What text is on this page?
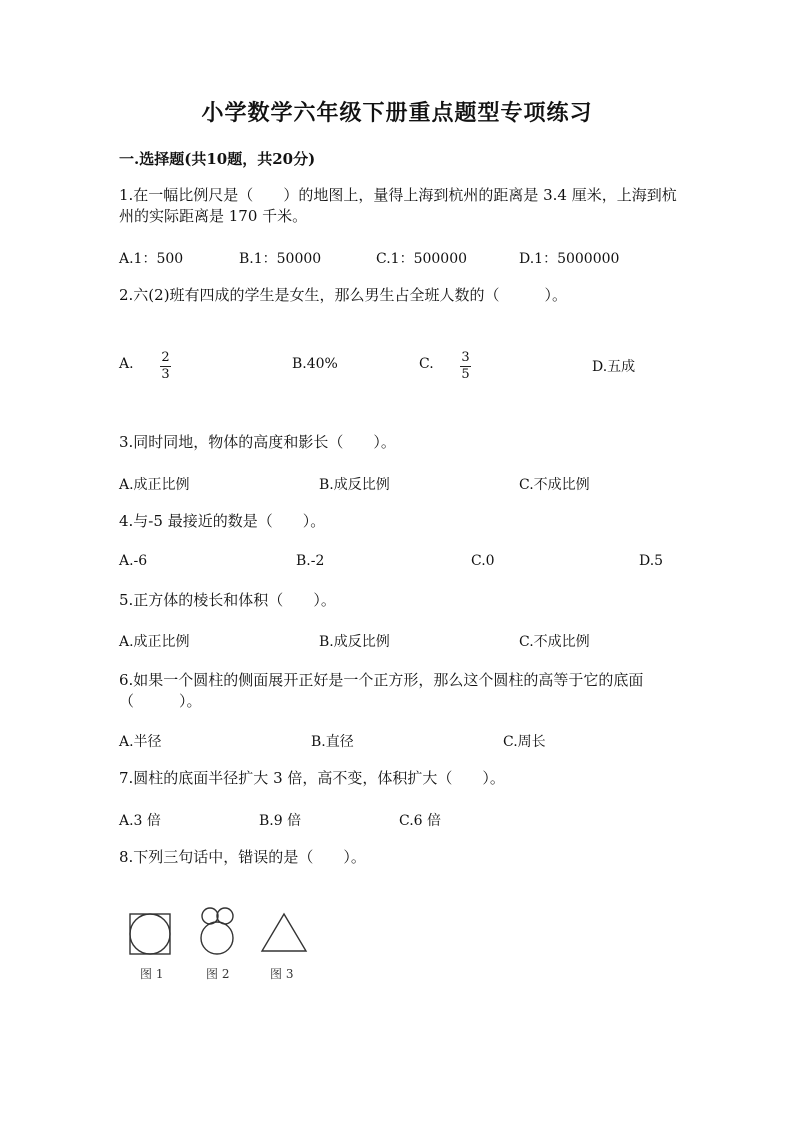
小学数学六年级下册重点题型专项练习
一.选择题(共10题，共20分)
1.在一幅比例尺是（　　）的地图上，量得上海到杭州的距离是 3.4 厘米，上海到杭州的实际距离是 170 千米。
A.1：500	B.1：50000	C.1：500000	D.1：5000000
2.六(2)班有四成的学生是女生，那么男生占全班人数的（　　　）。
A. 2
3
B.40%	C. 3
5	D.五成
3.同时同地，物体的高度和影长（　　）。
A.成正比例	B.成反比例	C.不成比例
4.与-5 最接近的数是（　　）。
A.-6	B.-2	C.0	D.5
5.正方体的棱长和体积（　　）。
A.成正比例	B.成反比例	C.不成比例
6.如果一个圆柱的侧面展开正好是一个正方形，那么这个圆柱的高等于它的底面（　　　）。
A.半径	B.直径	C.周长
7.圆柱的底面半径扩大 3 倍，高不变，体积扩大（　　）。
A.3 倍	B.9 倍	C.6 倍
8.下列三句话中，错误的是（　　）。
图 1	图 2	图 3
